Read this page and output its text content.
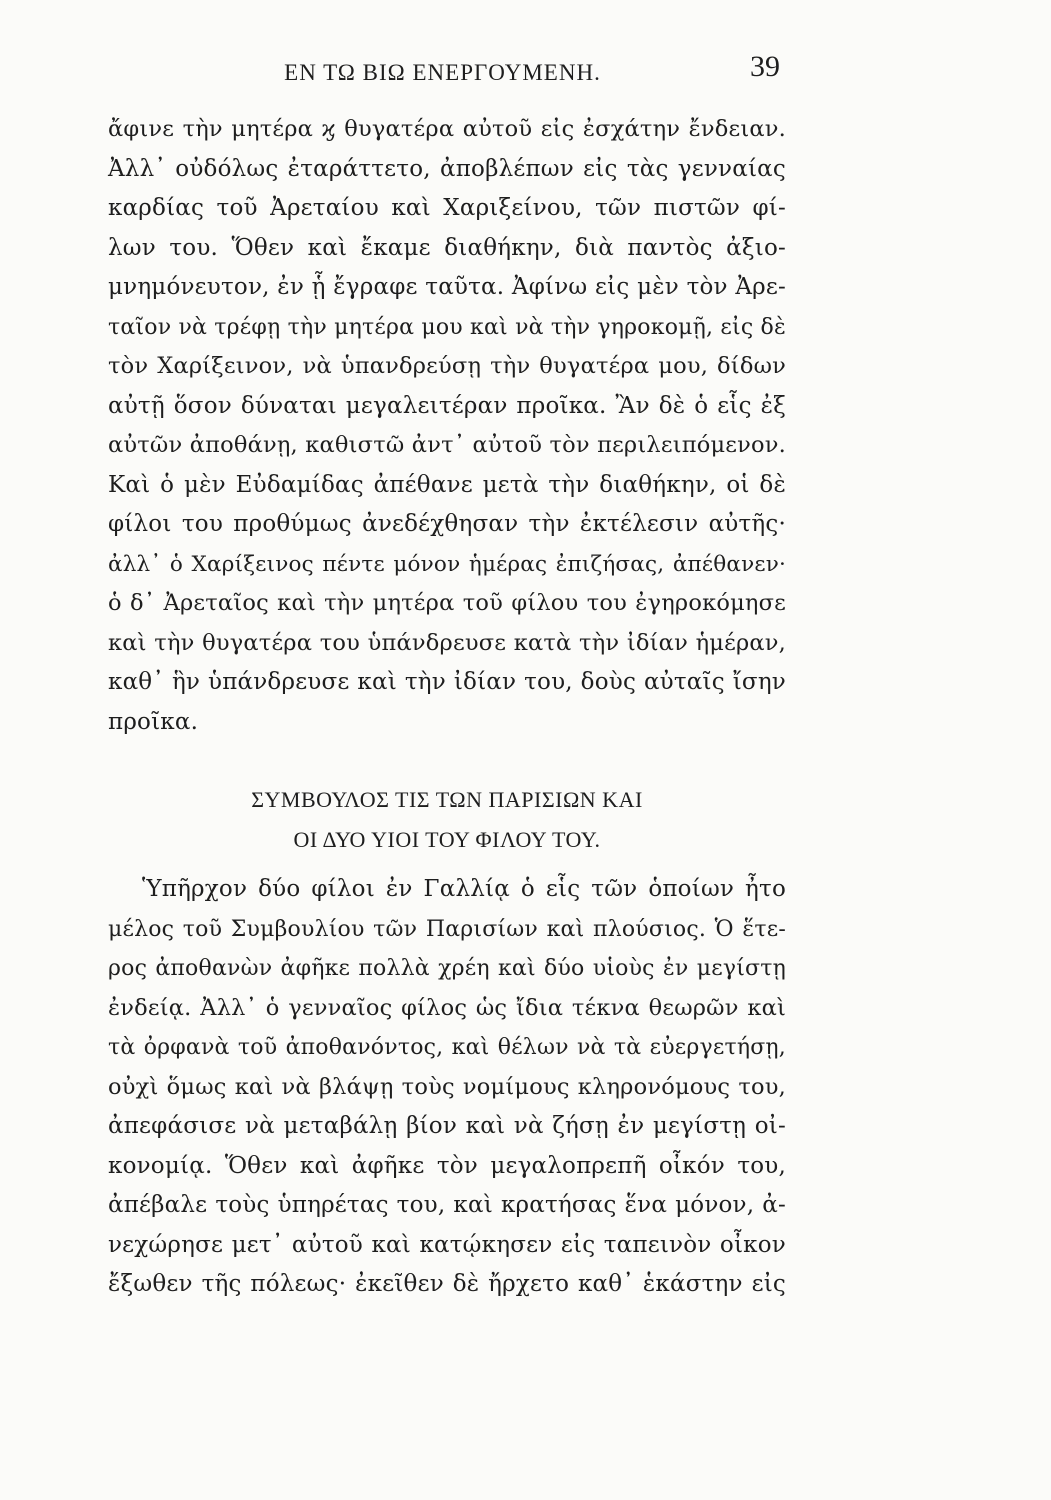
ΕΝ ΤΩ ΒΙΩ ΕΝΕΡΓΟΥΜΕΝΗ.	39
ἄφινε τὴν μητέρα ϗ θυγατέρα αὐτοῦ εἰς ἐσχάτην ἔνδειαν.
Ἀλλ᾽ οὐδόλως ἐταράττετο, ἀποβλέπων εἰς τὰς γενναίας
καρδίας τοῦ Ἀρεταίου καὶ Χαριξείνου, τῶν πιστῶν φί-
λων του. Ὅθεν καὶ ἔκαμε διαθήκην, διὰ παντὸς ἀξιο-
μνημόνευτον, ἐν ᾗ ἔγραφε ταῦτα. Ἀφίνω εἰς μὲν τὸν Ἀρε-
ταῖον νὰ τρέφῃ τὴν μητέρα μου καὶ νὰ τὴν γηροκομῇ, εἰς δὲ
τὸν Χαρίξεινον, νὰ ὑπανδρεύσῃ τὴν θυγατέρα μου, δίδων
αὐτῇ ὅσον δύναται μεγαλειτέραν προῖκα. Ἂν δὲ ὁ εἷς ἐξ
αὐτῶν ἀποθάνῃ, καθιστῶ ἀντ᾽ αὐτοῦ τὸν περιλειπόμενον.
Καὶ ὁ μὲν Εὐδαμίδας ἀπέθανε μετὰ τὴν διαθήκην, οἱ δὲ
φίλοι του προθύμως ἀνεδέχθησαν τὴν ἐκτέλεσιν αὐτῆς·
ἀλλ᾽ ὁ Χαρίξεινος πέντε μόνον ἡμέρας ἐπιζήσας, ἀπέθανεν·
ὁ δ᾽ Ἀρεταῖος καὶ τὴν μητέρα τοῦ φίλου του ἐγηροκόμησε
καὶ τὴν θυγατέρα του ὑπάνδρευσε κατὰ τὴν ἰδίαν ἡμέραν,
καθ᾽ ἣν ὑπάνδρευσε καὶ τὴν ἰδίαν του, δοὺς αὐταῖς ἴσην
προῖκα.
ΣΥΜΒΟΥΛΟΣ ΤΙΣ ΤΩΝ ΠΑΡΙΣΙΩΝ ΚΑΙ
ΟΙ ΔΥΟ ΥΙΟΙ ΤΟΥ ΦΙΛΟΥ ΤΟΥ.
Ὑπῆρχον δύο φίλοι ἐν Γαλλίᾳ ὁ εἷς τῶν ὁποίων ἦτο
μέλος τοῦ Συμβουλίου τῶν Παρισίων καὶ πλούσιος. Ὁ ἕτε-
ρος ἀποθανὼν ἀφῆκε πολλὰ χρέη καὶ δύο υἱοὺς ἐν μεγίστῃ
ἐνδείᾳ. Ἀλλ᾽ ὁ γενναῖος φίλος ὡς ἴδια τέκνα θεωρῶν καὶ
τὰ ὀρφανὰ τοῦ ἀποθανόντος, καὶ θέλων νὰ τὰ εὐεργετήσῃ,
οὐχὶ ὅμως καὶ νὰ βλάψῃ τοὺς νομίμους κληρονόμους του,
ἀπεφάσισε νὰ μεταβάλῃ βίον καὶ νὰ ζήσῃ ἐν μεγίστῃ οἰ-
κονομίᾳ. Ὅθεν καὶ ἀφῆκε τὸν μεγαλοπρεπῆ οἶκόν του,
ἀπέβαλε τοὺς ὑπηρέτας του, καὶ κρατήσας ἕνα μόνον, ἀ-
νεχώρησε μετ᾽ αὐτοῦ καὶ κατῴκησεν εἰς ταπεινὸν οἶκον
ἔξωθεν τῆς πόλεως· ἐκεῖθεν δὲ ἤρχετο καθ᾽ ἑκάστην εἰς
